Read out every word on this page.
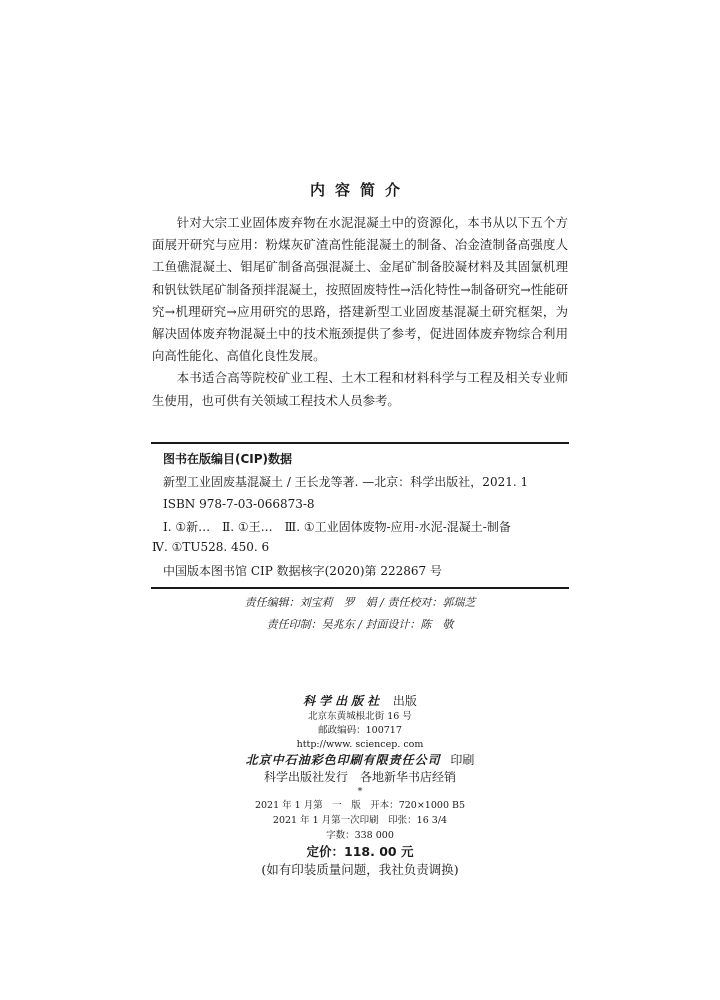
内容简介

针对大宗工业固体废弃物在水泥混凝土中的资源化，本书从以下五个方面展开研究与应用：粉煤灰矿渣高性能混凝土的制备、冶金渣制备高强度人工鱼礁混凝土、钼尾矿制备高强混凝土、金尾矿制备胶凝材料及其固氯机理和钒钛铁尾矿制备预拌混凝土，按照固废特性→活化特性→制备研究→性能研究→机理研究→应用研究的思路，搭建新型工业固废基混凝土研究框架，为解决固体废弃物混凝土中的技术瓶颈提供了参考，促进固体废弃物综合利用向高性能化、高值化良性发展。

本书适合高等院校矿业工程、土木工程和材料科学与工程及相关专业师生使用，也可供有关领域工程技术人员参考。

图书在版编目(CIP)数据
新型工业固废基混凝土 / 王长龙等著. —北京：科学出版社，2021. 1
ISBN 978-7-03-066873-8
Ⅰ. ①新…　Ⅱ. ①王…　Ⅲ. ①工业固体废物-应用-水泥-混凝土-制备
Ⅳ. ①TU528. 450. 6
中国版本图书馆 CIP 数据核字(2020)第 222867 号
责任编辑：刘宝莉　罗　娟 / 责任校对：郭瑞芝
责任印制：吴兆东 / 封面设计：陈　敬
科学出版社 出版
北京东黄城根北街 16 号
邮政编码：100717
http://www. sciencep. com
北京中石油彩色印刷有限责任公司 印刷
科学出版社发行　各地新华书店经销
*
2021 年 1 月第　一　版　开本：720×1000 B5
2021 年 1 月第一次印刷　印张：16 3/4
字数：338 000
定价：118. 00 元
(如有印装质量问题，我社负责调换)
